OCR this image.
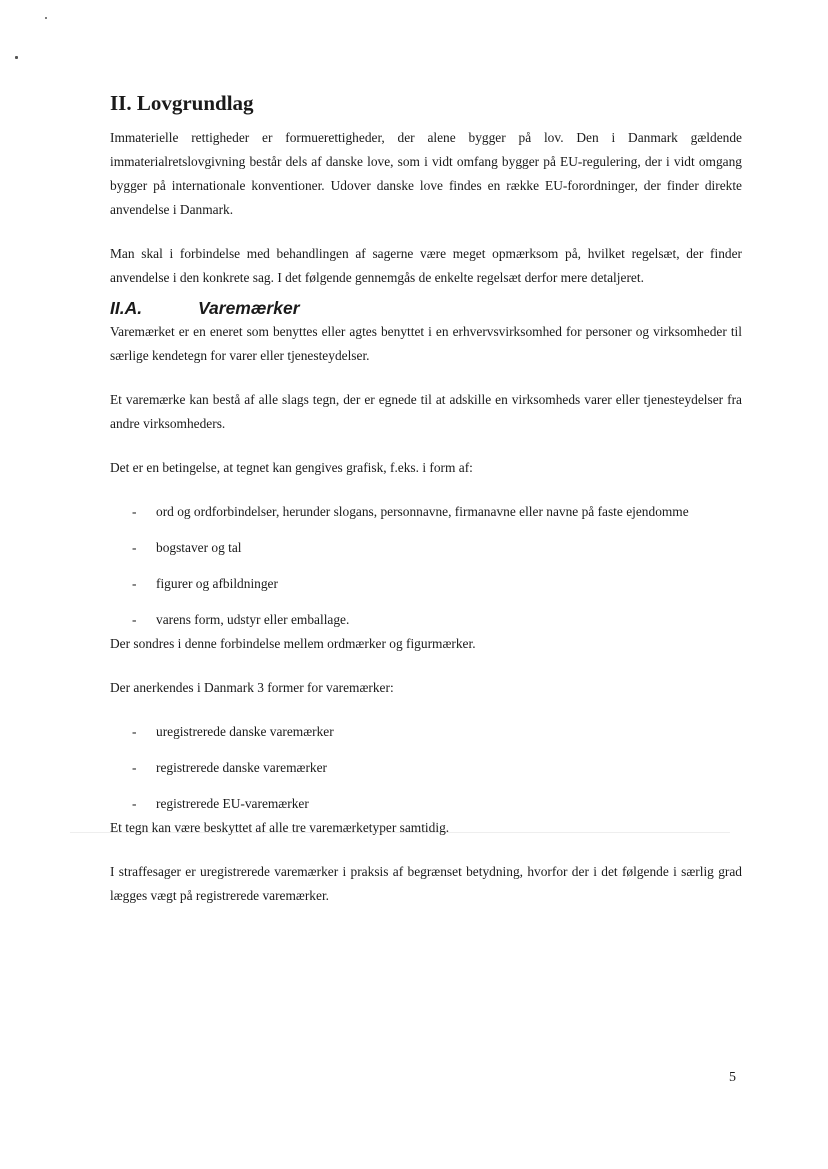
II. Lovgrundlag

Immaterielle rettigheder er formuerettigheder, der alene bygger på lov. Den i Danmark gældende immaterialretslovgivning består dels af danske love, som i vidt omfang bygger på EU-regulering, der i vidt omgang bygger på internationale konventioner. Udover danske love findes en række EU-forordninger, der finder direkte anvendelse i Danmark.

Man skal i forbindelse med behandlingen af sagerne være meget opmærksom på, hvilket regelsæt, der finder anvendelse i den konkrete sag. I det følgende gennemgås de enkelte regelsæt derfor mere detaljeret.

II.A.	Varemærker

Varemærket er en eneret som benyttes eller agtes benyttet i en erhvervsvirksomhed for personer og virksomheder til særlige kendetegn for varer eller tjenesteydelser.

Et varemærke kan bestå af alle slags tegn, der er egnede til at adskille en virksomheds varer eller tjenesteydelser fra andre virksomheders.

Det er en betingelse, at tegnet kan gengives grafisk, f.eks. i form af:

- ord og ordforbindelser, herunder slogans, personnavne, firmanavne eller navne på faste ejendomme
- bogstaver og tal
- figurer og afbildninger
- varens form, udstyr eller emballage.

Der sondres i denne forbindelse mellem ordmærker og figurmærker.

Der anerkendes i Danmark 3 former for varemærker:

- uregistrerede danske varemærker
- registrerede danske varemærker
- registrerede EU-varemærker

Et tegn kan være beskyttet af alle tre varemærketyper samtidig.

I straffesager er uregistrerede varemærker i praksis af begrænset betydning, hvorfor der i det følgende i særlig grad lægges vægt på registrerede varemærker.

5
